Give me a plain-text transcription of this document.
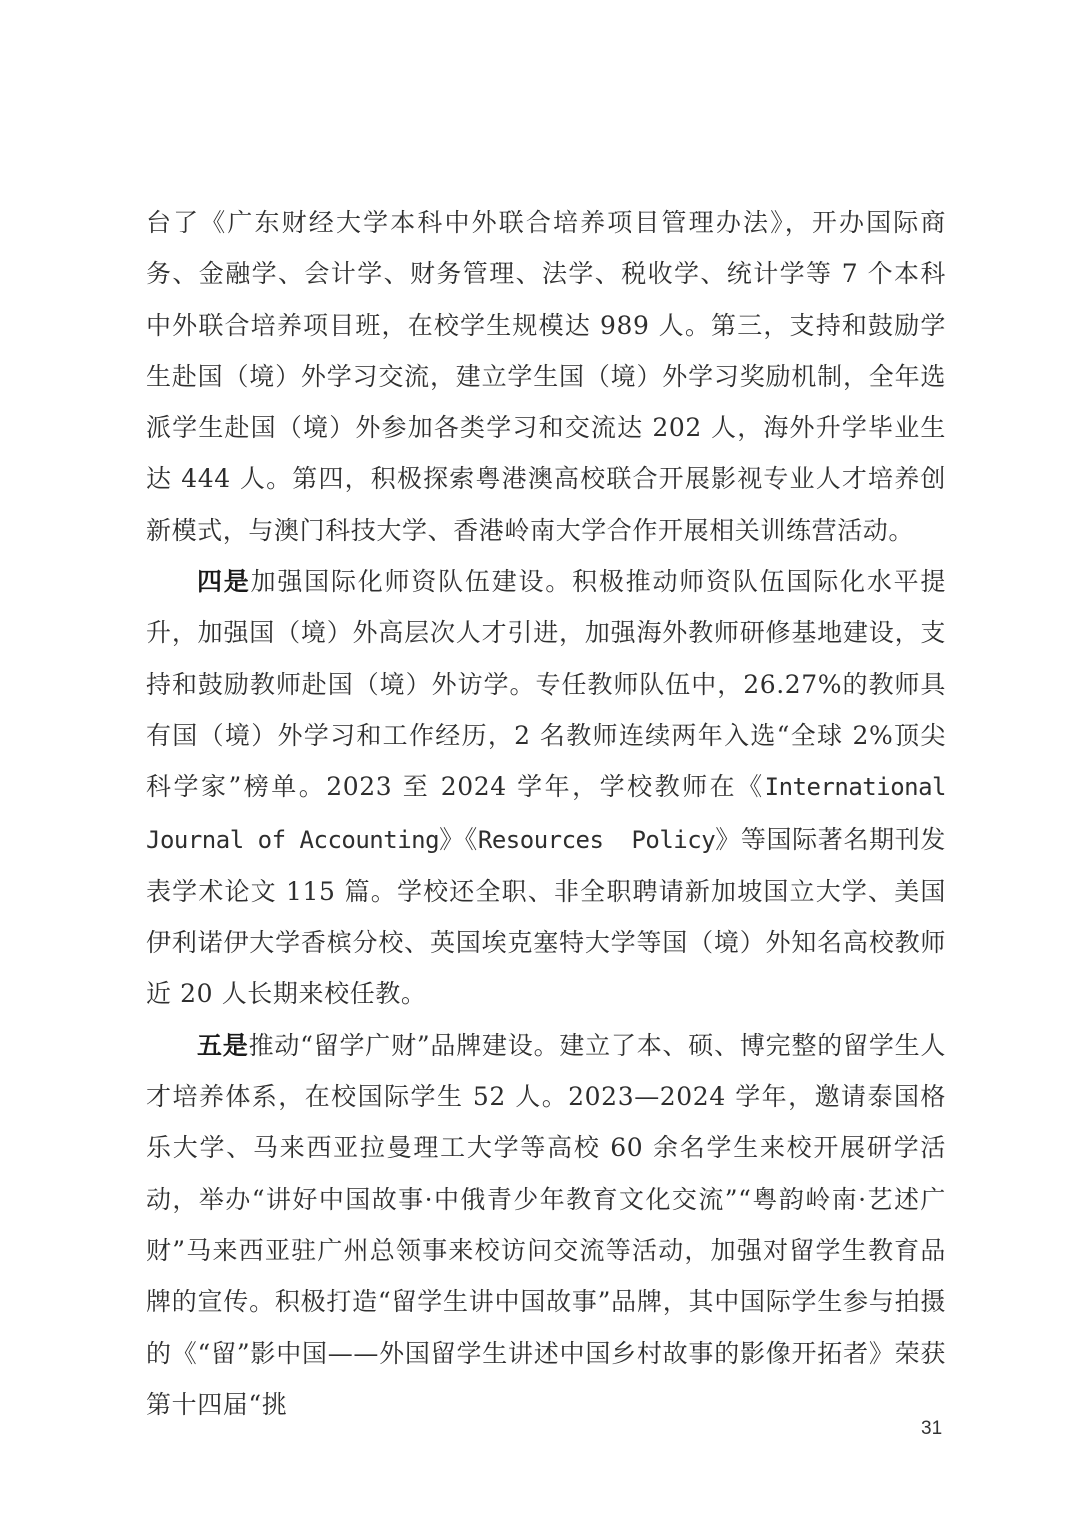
台了《广东财经大学本科中外联合培养项目管理办法》，开办国际商务、金融学、会计学、财务管理、法学、税收学、统计学等 7 个本科中外联合培养项目班，在校学生规模达 989 人。第三，支持和鼓励学生赴国（境）外学习交流，建立学生国（境）外学习奖励机制，全年选派学生赴国（境）外参加各类学习和交流达 202 人，海外升学毕业生达 444 人。第四，积极探索粤港澳高校联合开展影视专业人才培养创新模式，与澳门科技大学、香港岭南大学合作开展相关训练营活动。

四是加强国际化师资队伍建设。积极推动师资队伍国际化水平提升，加强国（境）外高层次人才引进，加强海外教师研修基地建设，支持和鼓励教师赴国（境）外访学。专任教师队伍中，26.27%的教师具有国（境）外学习和工作经历，2 名教师连续两年入选“全球 2%顶尖科学家”榜单。2023 至 2024 学年，学校教师在《International Journal of Accounting》《Resources  Policy》等国际著名期刊发表学术论文 115 篇。学校还全职、非全职聘请新加坡国立大学、美国伊利诺伊大学香槟分校、英国埃克塞特大学等国（境）外知名高校教师近 20 人长期来校任教。

五是推动“留学广财”品牌建设。建立了本、硕、博完整的留学生人才培养体系，在校国际学生 52 人。2023—2024 学年，邀请泰国格乐大学、马来西亚拉曼理工大学等高校 60 余名学生来校开展研学活动，举办“讲好中国故事·中俄青少年教育文化交流”“粤韵岭南·艺述广财”马来西亚驻广州总领事来校访问交流等活动，加强对留学生教育品牌的宣传。积极打造“留学生讲中国故事”品牌，其中国际学生参与拍摄的《“留”影中国——外国留学生讲述中国乡村故事的影像开拓者》荣获第十四届“挑

31
